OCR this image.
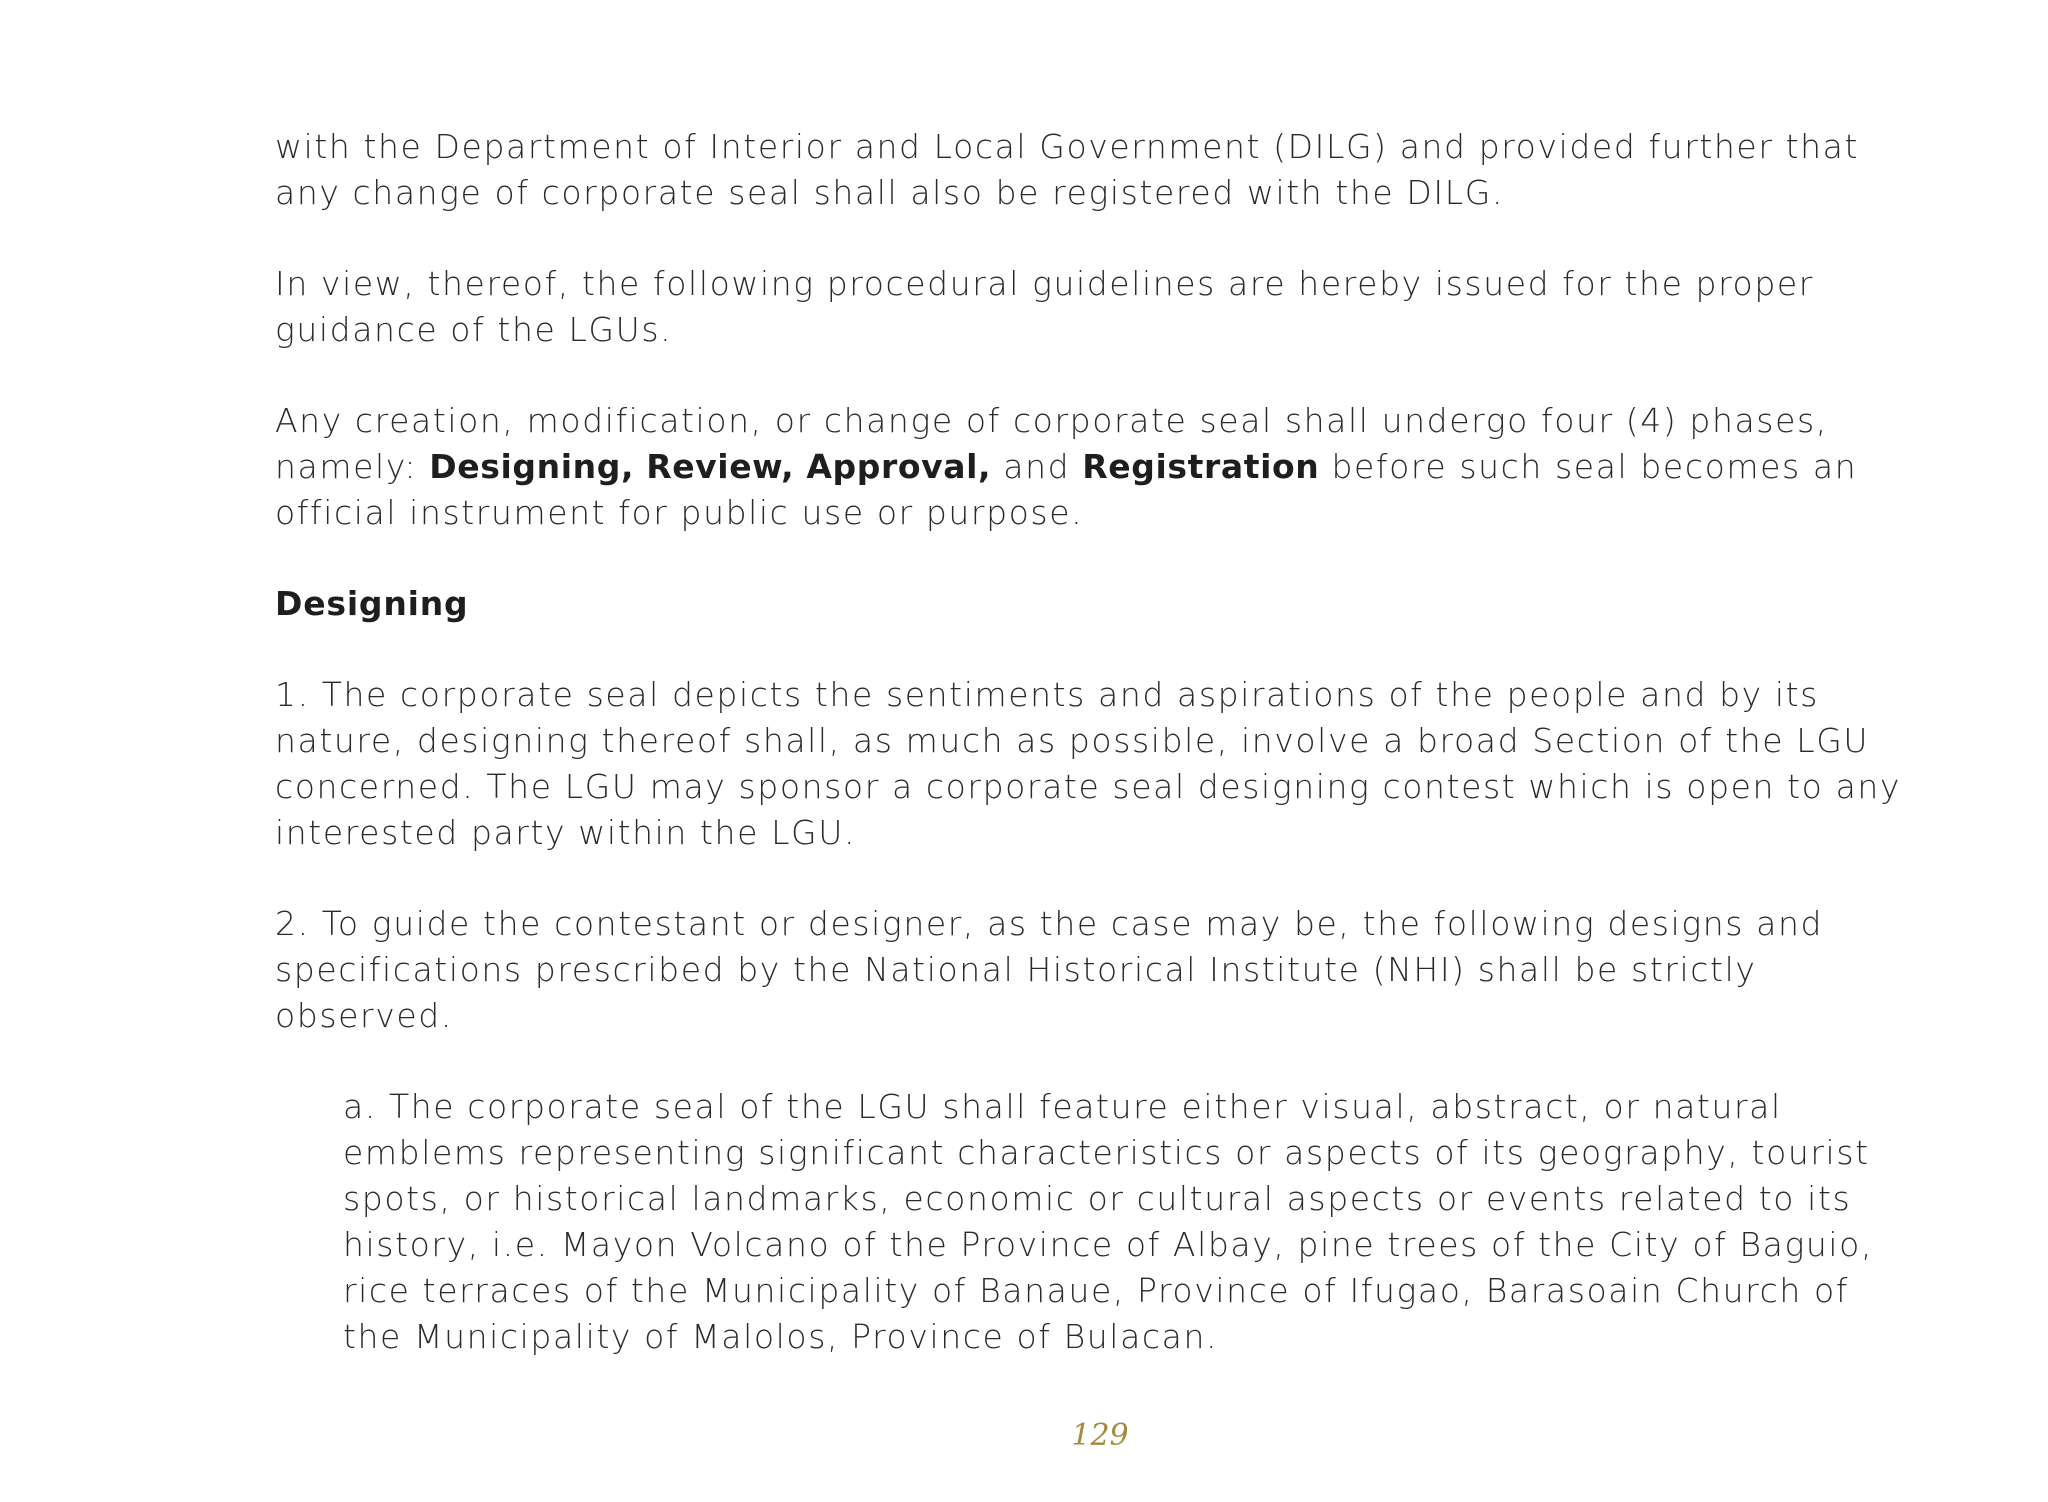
with the Department of Interior and Local Government (DILG) and provided further that any change of corporate seal shall also be registered with the DILG.

In view, thereof, the following procedural guidelines are hereby issued for the proper guidance of the LGUs.

Any creation, modification, or change of corporate seal shall undergo four (4) phases, namely: Designing, Review, Approval, and Registration before such seal becomes an official instrument for public use or purpose.

Designing

1. The corporate seal depicts the sentiments and aspirations of the people and by its nature, designing thereof shall, as much as possible, involve a broad Section of the LGU concerned. The LGU may sponsor a corporate seal designing contest which is open to any interested party within the LGU.

2. To guide the contestant or designer, as the case may be, the following designs and specifications prescribed by the National Historical Institute (NHI) shall be strictly observed.

a. The corporate seal of the LGU shall feature either visual, abstract, or natural emblems representing significant characteristics or aspects of its geography, tourist spots, or historical landmarks, economic or cultural aspects or events related to its history, i.e. Mayon Volcano of the Province of Albay, pine trees of the City of Baguio, rice terraces of the Municipality of Banaue, Province of Ifugao, Barasoain Church of the Municipality of Malolos, Province of Bulacan.

129
